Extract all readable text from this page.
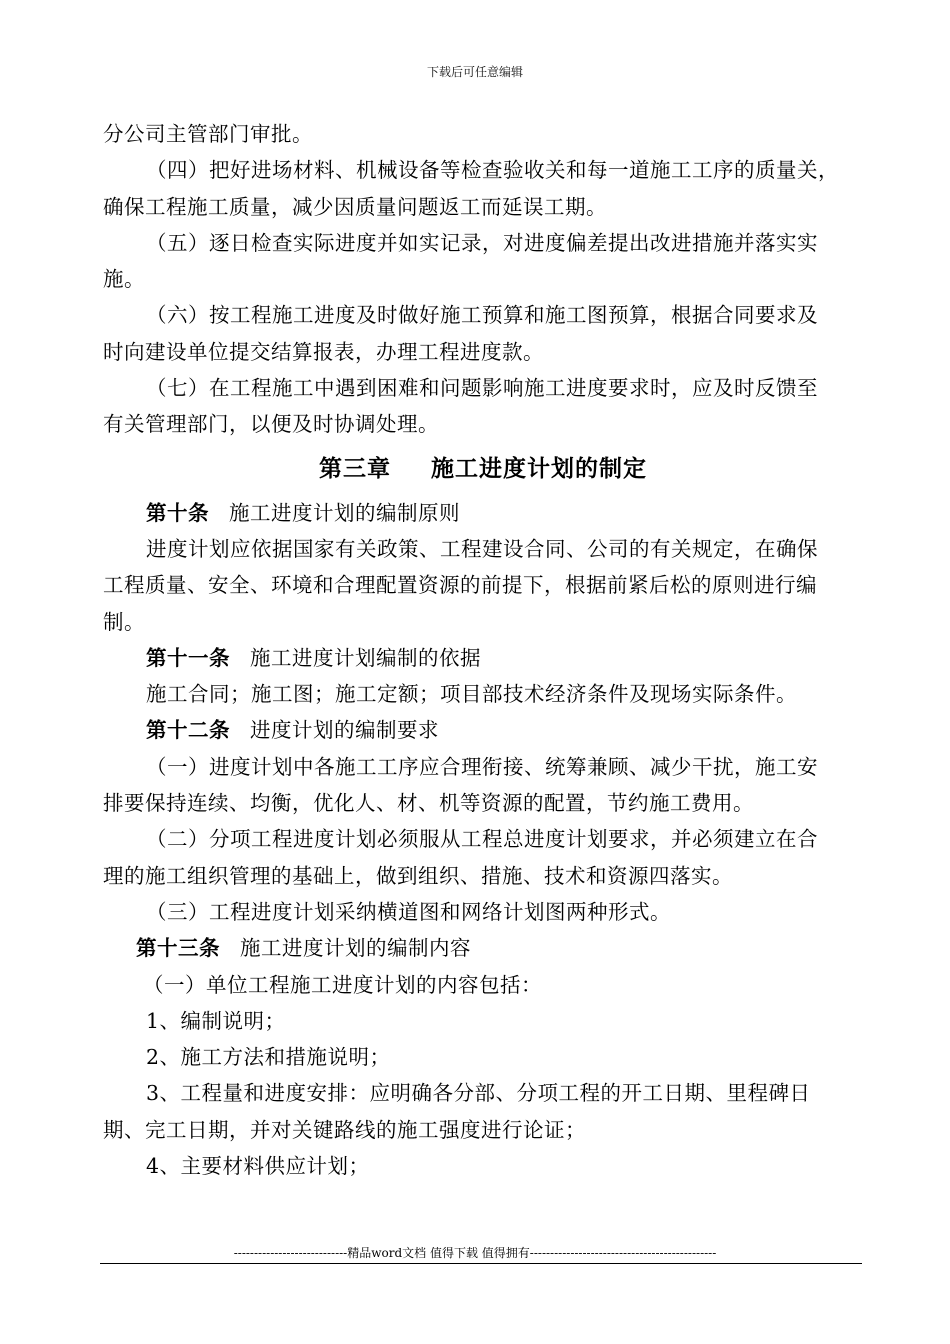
下载后可任意编辑
分公司主管部门审批。
（四）把好进场材料、机械设备等检查验收关和每一道施工工序的质量关，
确保工程施工质量，减少因质量问题返工而延误工期。
（五）逐日检查实际进度并如实记录，对进度偏差提出改进措施并落实实
施。
（六）按工程施工进度及时做好施工预算和施工图预算，根据合同要求及
时向建设单位提交结算报表，办理工程进度款。
（七）在工程施工中遇到困难和问题影响施工进度要求时，应及时反馈至
有关管理部门，以便及时协调处理。
第三章 施工进度计划的制定
第十条 施工进度计划的编制原则
进度计划应依据国家有关政策、工程建设合同、公司的有关规定，在确保
工程质量、安全、环境和合理配置资源的前提下，根据前紧后松的原则进行编
制。
第十一条 施工进度计划编制的依据
施工合同；施工图；施工定额；项目部技术经济条件及现场实际条件。
第十二条 进度计划的编制要求
（一）进度计划中各施工工序应合理衔接、统筹兼顾、减少干扰，施工安
排要保持连续、均衡，优化人、材、机等资源的配置，节约施工费用。
（二）分项工程进度计划必须服从工程总进度计划要求，并必须建立在合
理的施工组织管理的基础上，做到组织、措施、技术和资源四落实。
（三）工程进度计划采纳横道图和网络计划图两种形式。
第十三条 施工进度计划的编制内容
（一）单位工程施工进度计划的内容包括：
1、编制说明；
2、施工方法和措施说明；
3、工程量和进度安排：应明确各分部、分项工程的开工日期、里程碑日
期、完工日期，并对关键路线的施工强度进行论证；
4、主要材料供应计划；
----------------------------精品word文档 值得下载 值得拥有----------------------------------------------
